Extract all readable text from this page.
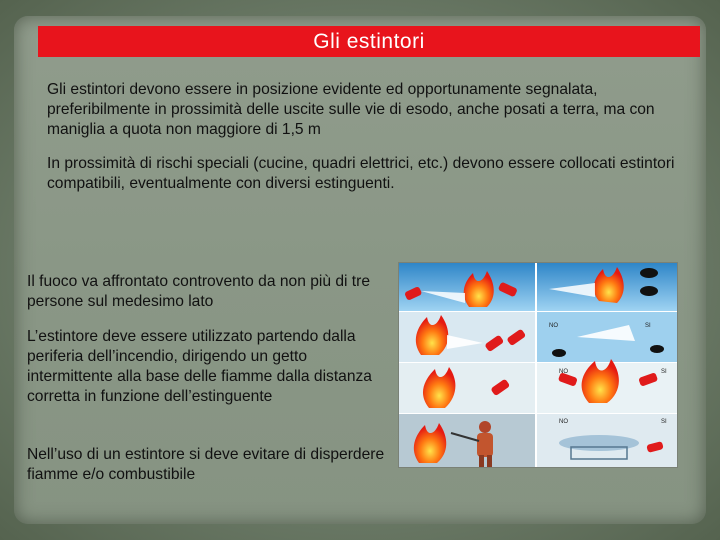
Gli estintori
Gli estintori devono essere in posizione evidente ed opportunamente segnalata, preferibilmente in prossimità delle uscite sulle vie di esodo, anche posati a terra, ma con maniglia a quota non maggiore di 1,5 m
In prossimità di rischi speciali (cucine, quadri elettrici, etc.) devono essere collocati estintori compatibili, eventualmente con diversi estinguenti.
Il fuoco va affrontato controvento da non più di tre persone sul medesimo lato
L’estintore deve essere utilizzato partendo dalla periferia dell’incendio, dirigendo un getto intermittente alla base delle fiamme dalla distanza corretta in funzione dell’estinguente
Nell’uso di un estintore si deve evitare di disperdere fiamme e/o combustibile
NO	SI
NO	SI
NO	SI
